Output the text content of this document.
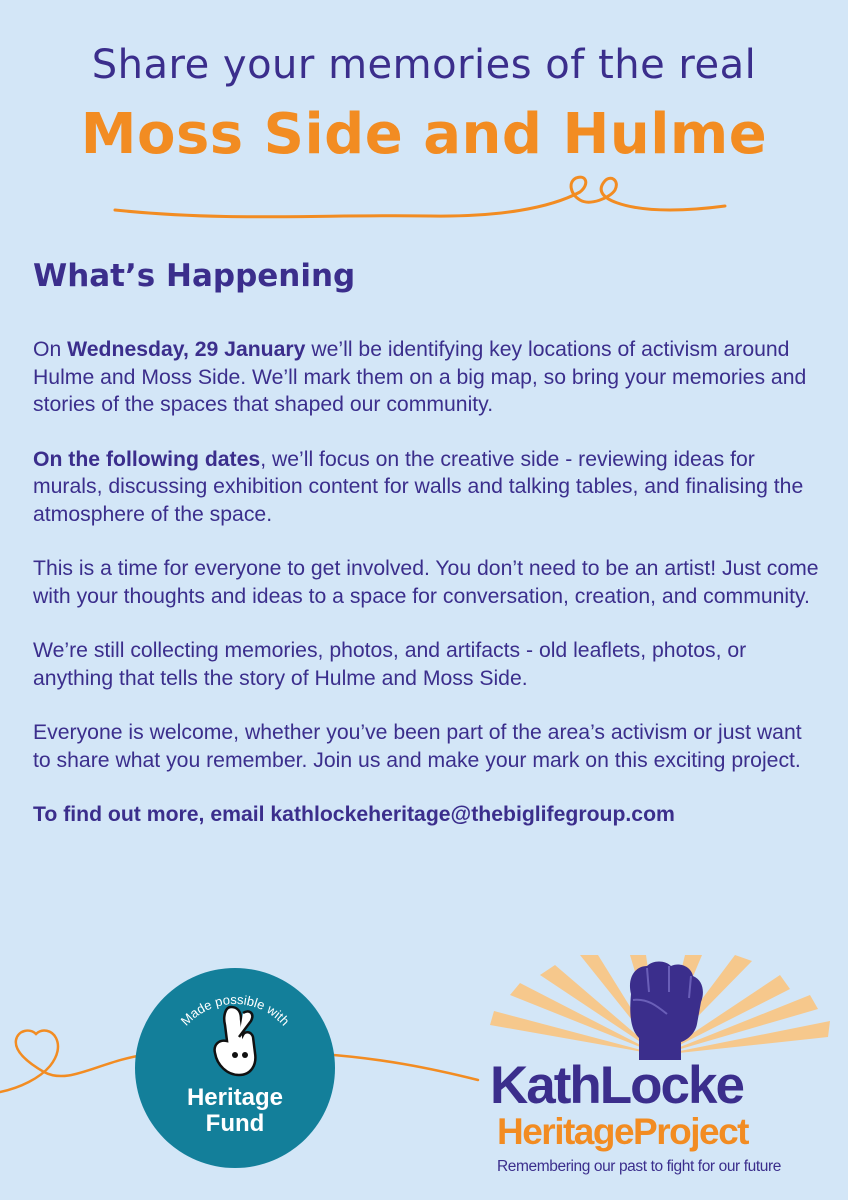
Share your memories of the real
Moss Side and Hulme
What’s Happening

On Wednesday, 29 January we’ll be identifying key locations of activism around Hulme and Moss Side. We’ll mark them on a big map, so bring your memories and stories of the spaces that shaped our community.

On the following dates, we’ll focus on the creative side - reviewing ideas for murals, discussing exhibition content for walls and talking tables, and finalising the atmosphere of the space.

This is a time for everyone to get involved. You don’t need to be an artist! Just come with your thoughts and ideas to a space for conversation, creation, and community.

We’re still collecting memories, photos, and artifacts - old leaflets, photos, or anything that tells the story of Hulme and Moss Side.

Everyone is welcome, whether you’ve been part of the area’s activism or just want to share what you remember. Join us and make your mark on this exciting project.

To find out more, email kathlockeheritage@thebiglifegroup.com

Made possible with
Heritage
Fund
KathLocke
HeritageProject
Remembering our past to fight for our future
